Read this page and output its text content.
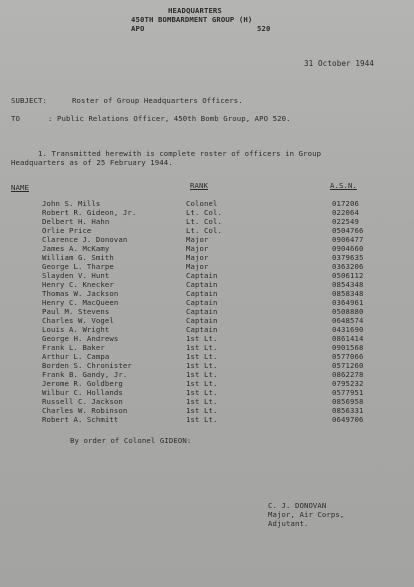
HEADQUARTERS
450TH BOMBARDMENT GROUP (H)
APO	520
31 October 1944
SUBJECT:	Roster of Group Headquarters Officers.
TO	: Public Relations Officer, 450th Bomb Group, APO 520.
1. Transmitted herewith is complete roster of officers in Group
Headquarters as of 25 February 1944.
NAME	RANK	A.S.N.
John S. Mills	Colonel	017206
Robert R. Gideon, Jr.	Lt. Col.	022064
Delbert H. Hahn	Lt. Col.	022549
Orlie Price	Lt. Col.	0504766
Clarence J. Donovan	Major	0906477
James A. McKamy	Major	0904660
William G. Smith	Major	0379635
George L. Tharpe	Major	0363206
Slayden V. Hunt	Captain	0506112
Henry C. Knecker	Captain	0854348
Thomas W. Jackson	Captain	0858348
Henry C. MacQueen	Captain	0364961
Paul M. Stevens	Captain	0508880
Charles W. Vogel	Captain	0648574
Louis A. Wright	Captain	0431690
George H. Andrews	1st Lt.	0861414
Frank L. Baker	1st Lt.	0901568
Arthur L. Campa	1st Lt.	0577066
Borden S. Chronister	1st Lt.	0571260
Frank B. Gandy, Jr.	1st Lt.	0862278
Jerome R. Goldberg	1st Lt.	0795232
Wilbur C. Hollands	1st Lt.	0577951
Russell C. Jackson	1st Lt.	0856958
Charles W. Robinson	1st Lt.	0856331
Robert A. Schmitt	1st Lt.	0649706
By order of Colonel GIDEON:
C. J. DONOVAN
Major, Air Corps,
Adjutant.
